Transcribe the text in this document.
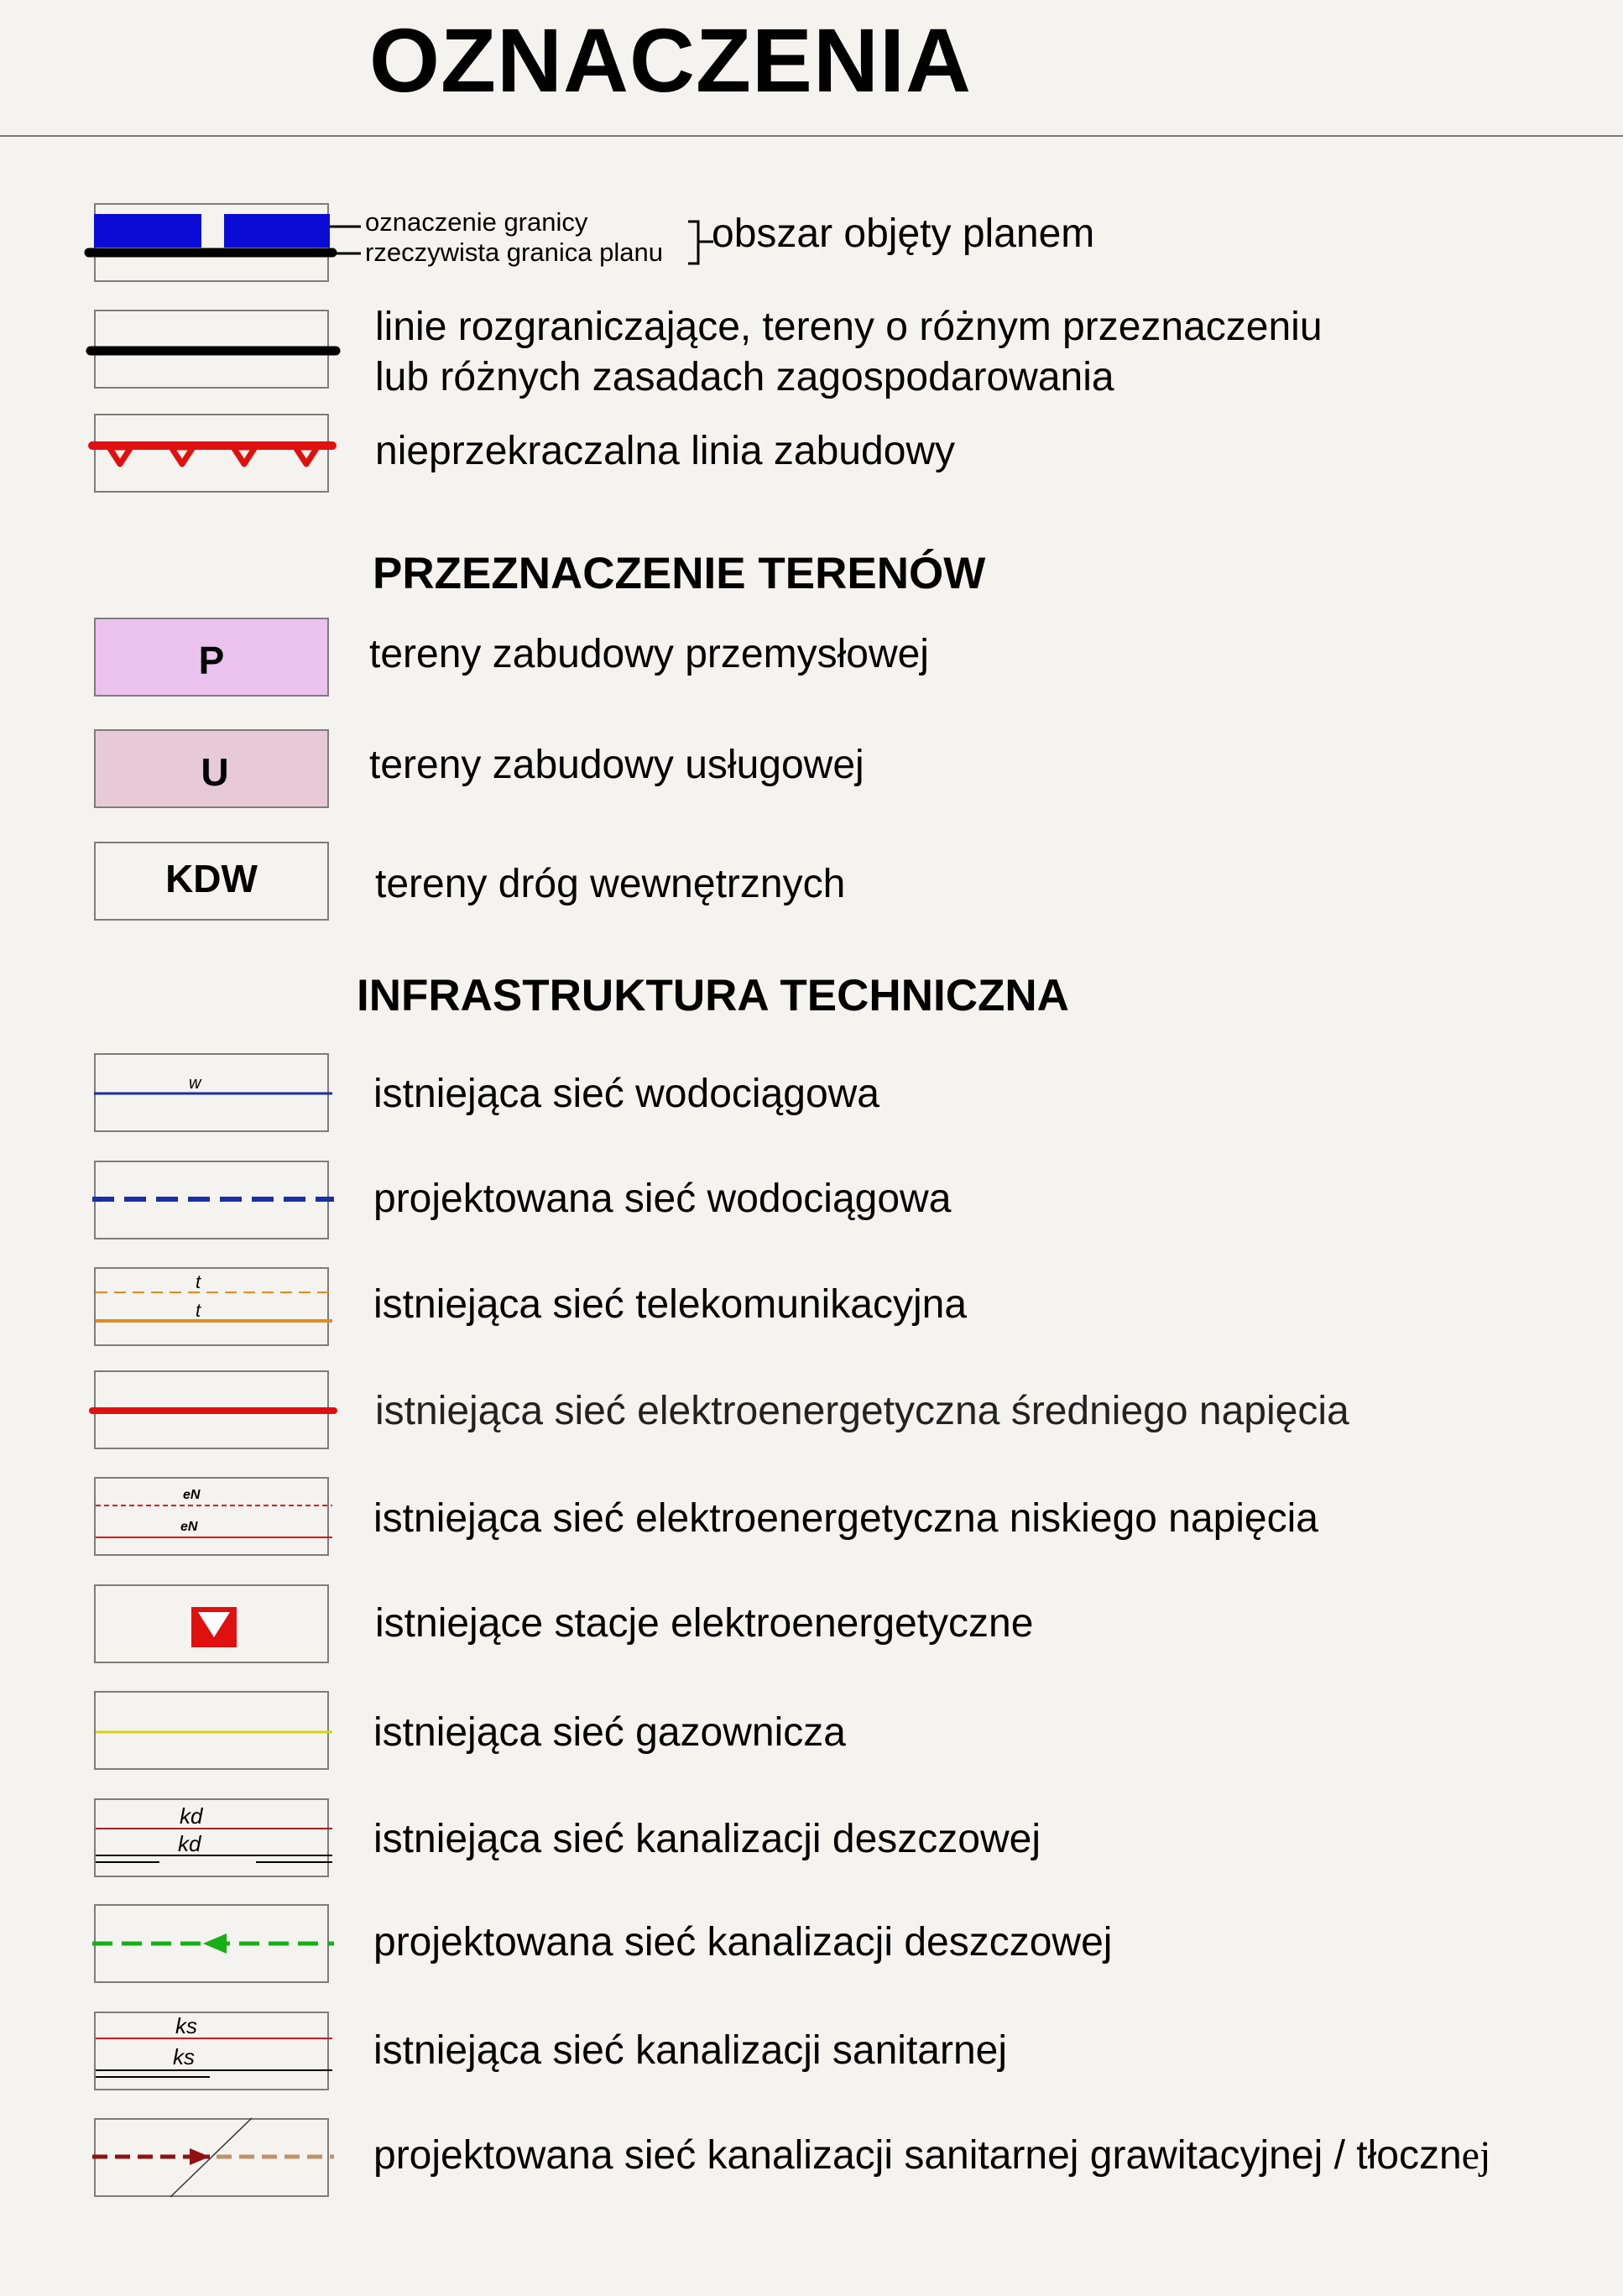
OZNACZENIA
oznaczenie granicy
rzeczywista granica planu obszar objęty planem
linie rozgraniczające, tereny o różnym przeznaczeniu
lub różnych zasadach zagospodarowania
nieprzekraczalna linia zabudowy
PRZEZNACZENIE TERENÓW
P	tereny zabudowy przemysłowej
U	tereny zabudowy usługowej
KDW	tereny dróg wewnętrznych
INFRASTRUKTURA TECHNICZNA
w	istniejąca sieć wodociągowa
projektowana sieć wodociągowa
t
t	istniejąca sieć telekomunikacyjna
istniejąca sieć elektroenergetyczna średniego napięcia
eN
eN	istniejąca sieć elektroenergetyczna niskiego napięcia
istniejące stacje elektroenergetyczne
istniejąca sieć gazownicza
kd
kd	istniejąca sieć kanalizacji deszczowej
projektowana sieć kanalizacji deszczowej
ks
ks	istniejąca sieć kanalizacji sanitarnej
projektowana sieć kanalizacji sanitarnej grawitacyjnej / tłocznej
